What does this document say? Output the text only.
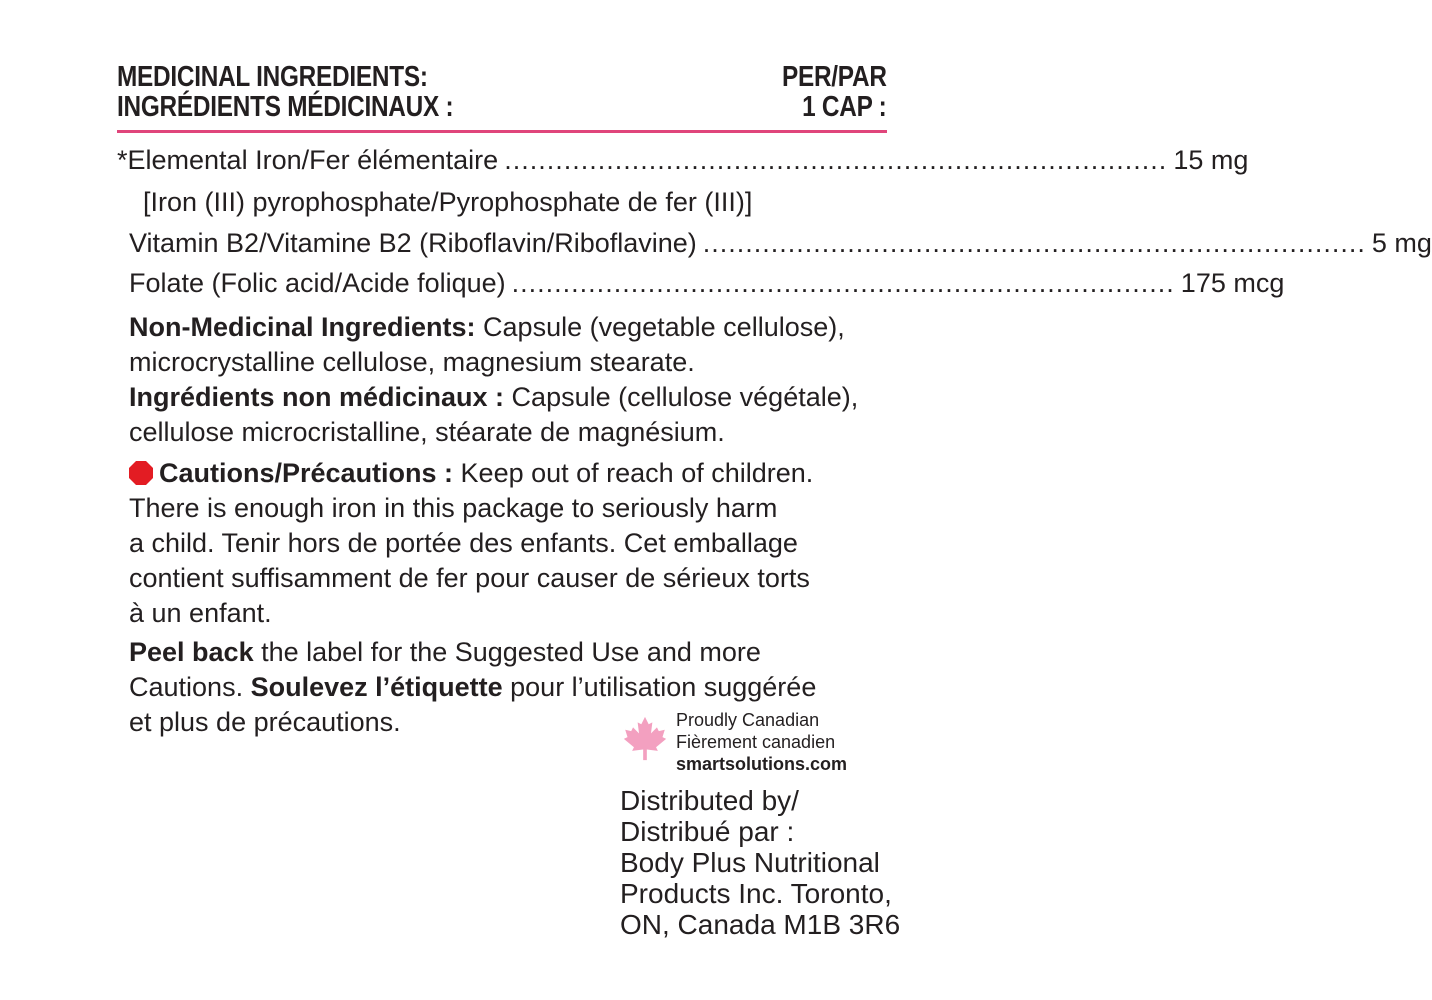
MEDICINAL INGREDIENTS:
INGRÉDIENTS MÉDICINAUX :
PER/PAR
1 CAP :
*Elemental Iron/Fer élémentaire .............................................................................. 15 mg
[Iron (III) pyrophosphate/Pyrophosphate de fer (III)]
Vitamin B2/Vitamine B2 (Riboflavin/Riboflavine) .............................................................................. 5 mg
Folate (Folic acid/Acide folique) .............................................................................. 175 mcg
Non-Medicinal Ingredients: Capsule (vegetable cellulose),
microcrystalline cellulose, magnesium stearate.
Ingrédients non médicinaux : Capsule (cellulose végétale),
cellulose microcristalline, stéarate de magnésium.
Cautions/Précautions : Keep out of reach of children.
There is enough iron in this package to seriously harm
a child. Tenir hors de portée des enfants. Cet emballage
contient suffisamment de fer pour causer de sérieux torts
à un enfant.
Peel back the label for the Suggested Use and more
Cautions. Soulevez l’étiquette pour l’utilisation suggérée
et plus de précautions.	Proudly Canadian
Fièrement canadien
smartsolutions.com
Distributed by/
Distribué par :
Body Plus Nutritional
Products Inc. Toronto,
ON, Canada M1B 3R6
